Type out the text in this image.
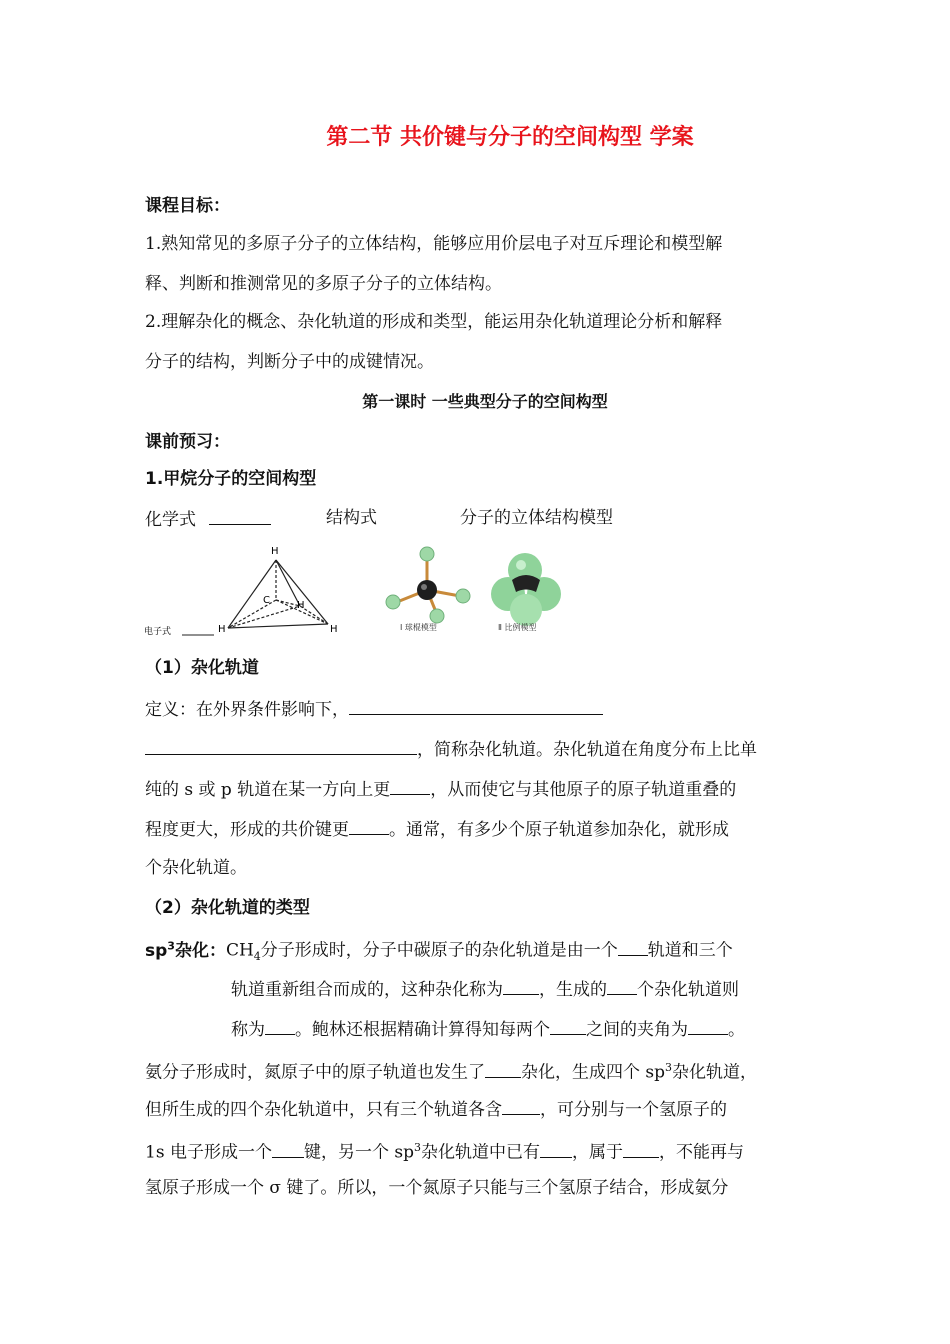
第二节 共价键与分子的空间构型 学案
课程目标：
1.熟知常见的多原子分子的立体结构，能够应用价层电子对互斥理论和模型解
释、判断和推测常见的多原子分子的立体结构。
2.理解杂化的概念、杂化轨道的形成和类型，能运用杂化轨道理论分析和解释
分子的结构，判断分子中的成键情况。
第一课时 一些典型分子的空间构型
课前预习：
1.甲烷分子的空间构型
化学式	结构式	分子的立体结构模型
H
C	H
H	H
电子式	Ⅰ 球棍模型	Ⅱ 比例模型
（1）杂化轨道
定义：在外界条件影响下，
，简称杂化轨道。杂化轨道在角度分布上比单
纯的 s 或 p 轨道在某一方向上更 ，从而使它与其他原子的原子轨道重叠的
程度更大，形成的共价键更 。通常，有多少个原子轨道参加杂化，就形成
个杂化轨道。
（2）杂化轨道的类型
$sp^3$杂化：$CH_4$分子形成时，分子中碳原子的杂化轨道是由一个 轨道和三个
轨道重新组合而成的，这种杂化称为 ，生成的 个杂化轨道则
称为 。鲍林还根据精确计算得知每两个 之间的夹角为 。
氨分子形成时，氮原子中的原子轨道也发生了 杂化，生成四个 $sp^3$杂化轨道，
但所生成的四个杂化轨道中，只有三个轨道各含 ，可分别与一个氢原子的
1s 电子形成一个 键，另一个 $sp^3$杂化轨道中已有 ，属于 ，不能再与
氢原子形成一个 σ 键了。所以，一个氮原子只能与三个氢原子结合，形成氨分
